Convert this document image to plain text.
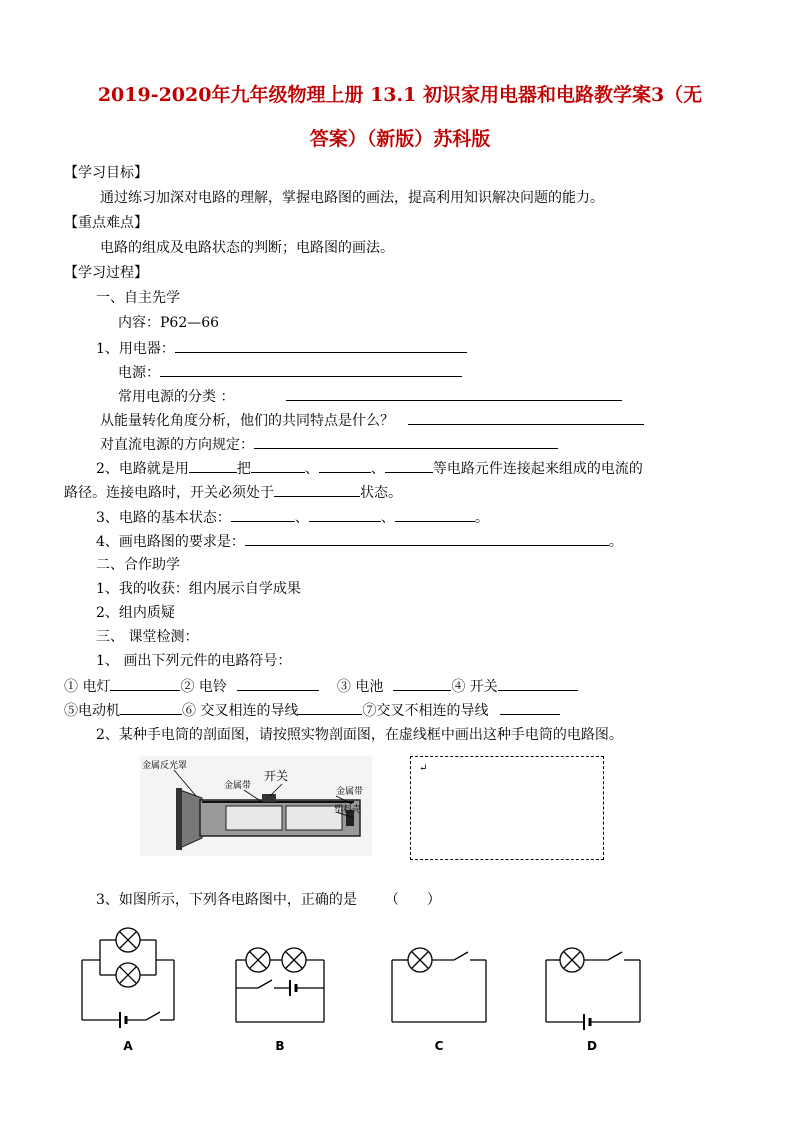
2019-2020年九年级物理上册 13.1 初识家用电器和电路教学案3（无
答案）（新版）苏科版
【学习目标】
通过练习加深对电路的理解，掌握电路图的画法，提高利用知识解决问题的能力。
【重点难点】
电路的组成及电路状态的判断；电路图的画法。
【学习过程】
一、自主先学
内容：P62—66
1、用电器：
电源：
常用电源的分类 ：
从能量转化角度分析，他们的共同特点是什么？
对直流电源的方向规定：
2、电路就是用	把	、	、	等电路元件连接起来组成的电流的
路径。连接电路时，开关必须处于	状态。
3、电路的基本状态：	、	、	。
4、画电路图的要求是：	。
二、合作助学
1、我的收获：组内展示自学成果
2、组内质疑
三、 课堂检测：
1、 画出下列元件的电路符号：
① 电灯	② 电铃	③ 电池	④ 开关
⑤电动机	⑥ 交叉相连的导线	⑦交叉不相连的导线
2、某种手电筒的剖面图，请按照实物剖面图，在虚线框中画出这种手电筒的电路图。
金属反光罩
金属带
开关
金属带
塑料壳
↵
3、如图所示，下列各电路图中，正确的是 （　　）
A	B	C	D
